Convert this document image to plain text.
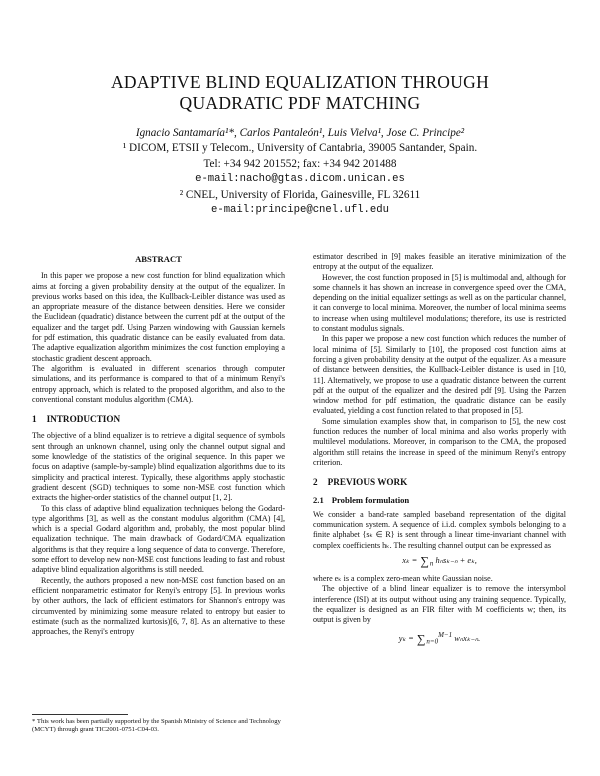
ADAPTIVE BLIND EQUALIZATION THROUGH
QUADRATIC PDF MATCHING
Ignacio Santamaría¹*, Carlos Pantaleón¹, Luis Vielva¹, Jose C. Principe²
¹ DICOM, ETSII y Telecom., University of Cantabria, 39005 Santander, Spain.
Tel: +34 942 201552; fax: +34 942 201488
e-mail:nacho@gtas.dicom.unican.es
² CNEL, University of Florida, Gainesville, FL 32611
e-mail:principe@cnel.ufl.edu
ABSTRACT

In this paper we propose a new cost function for blind equalization which aims at forcing a given probability density at the output of the equalizer. In previous works based on this idea, the Kullback-Leibler distance was used as an appropriate measure of the distance between densities. Here we consider the Euclidean (quadratic) distance between the current pdf at the output of the equalizer and the target pdf. Using Parzen windowing with Gaussian kernels for pdf estimation, this quadratic distance can be easily evaluated from data. The adaptive equalization algorithm minimizes the cost function employing a stochastic gradient descent approach.

The algorithm is evaluated in different scenarios through computer simulations, and its performance is compared to that of a minimum Renyi's entropy approach, which is related to the proposed algorithm, and also to the conventional constant modulus algorithm (CMA).

1 INTRODUCTION

The objective of a blind equalizer is to retrieve a digital sequence of symbols sent through an unknown channel, using only the channel output signal and some knowledge of the statistics of the original sequence. In this paper we focus on adaptive (sample-by-sample) blind equalization algorithms due to its simplicity and practical interest. Typically, these algorithms apply stochastic gradient descent (SGD) techniques to some non-MSE cost function which extracts the higher-order statistics of the channel output [1, 2].

To this class of adaptive blind equalization techniques belong the Godard-type algorithms [3], as well as the constant modulus algorithm (CMA) [4], which is a special Godard algorithm and, probably, the most popular blind equalization technique. The main drawback of Godard/CMA equalization algorithms is that they require a long sequence of data to converge. Therefore, some effort to develop new non-MSE cost functions leading to fast and robust adaptive blind equalization algorithms is still needed.

Recently, the authors proposed a new non-MSE cost function based on an efficient nonparametric estimator for Renyi's entropy [5]. In previous works by other authors, the lack of efficient estimators for Shannon's entropy was circumvented by minimizing some measure related to entropy but easier to estimate (such as the normalized kurtosis)[6, 7, 8]. As an alternative to these approaches, the Renyi's entropy

estimator described in [9] makes feasible an iterative minimization of the entropy at the output of the equalizer.

However, the cost function proposed in [5] is multimodal and, although for some channels it has shown an increase in convergence speed over the CMA, depending on the initial equalizer settings as well as on the particular channel, it can converge to local minima. Moreover, the number of local minima seems to increase when using multilevel modulations; therefore, its use is restricted to constant modulus signals.

In this paper we propose a new cost function which reduces the number of local minima of [5]. Similarly to [10], the proposed cost function aims at forcing a given probability density at the output of the equalizer. As a measure of distance between densities, the Kullback-Leibler distance is used in [10, 11]. Alternatively, we propose to use a quadratic distance between the current pdf at the output of the equalizer and the desired pdf [9]. Using the Parzen window method for pdf estimation, the quadratic distance can be easily evaluated, yielding a cost function related to that proposed in [5].

Some simulation examples show that, in comparison to [5], the new cost function reduces the number of local minima and also works properly with multilevel modulations. Moreover, in comparison to the CMA, the proposed algorithm still retains the increase in speed of the minimum Renyi's entropy criterion.

2 PREVIOUS WORK
2.1 Problem formulation

We consider a band-rate sampled baseband representation of the digital communication system. A sequence of i.i.d. complex symbols belonging to a finite alphabet {sₖ ∈ R} is sent through a linear time-invariant channel with complex coefficients hₖ. The resulting channel output can be expressed as

$x_k = \sum_n$ hₙsₖ₋ₙ + eₖ,

where eₖ is a complex zero-mean white Gaussian noise.

The objective of a blind linear equalizer is to remove the intersymbol interference (ISI) at its output without using any training sequence. Typically, the equalizer is designed as an FIR filter with M coefficients w; then, its output is given by

$y_k = \sum_{n=0}^{M-1}$ wₙxₖ₋ₙ.
* This work has been partially supported by the Spanish Ministry of Science and Technology (MCYT) through grant TIC2001-0751-C04-03.
